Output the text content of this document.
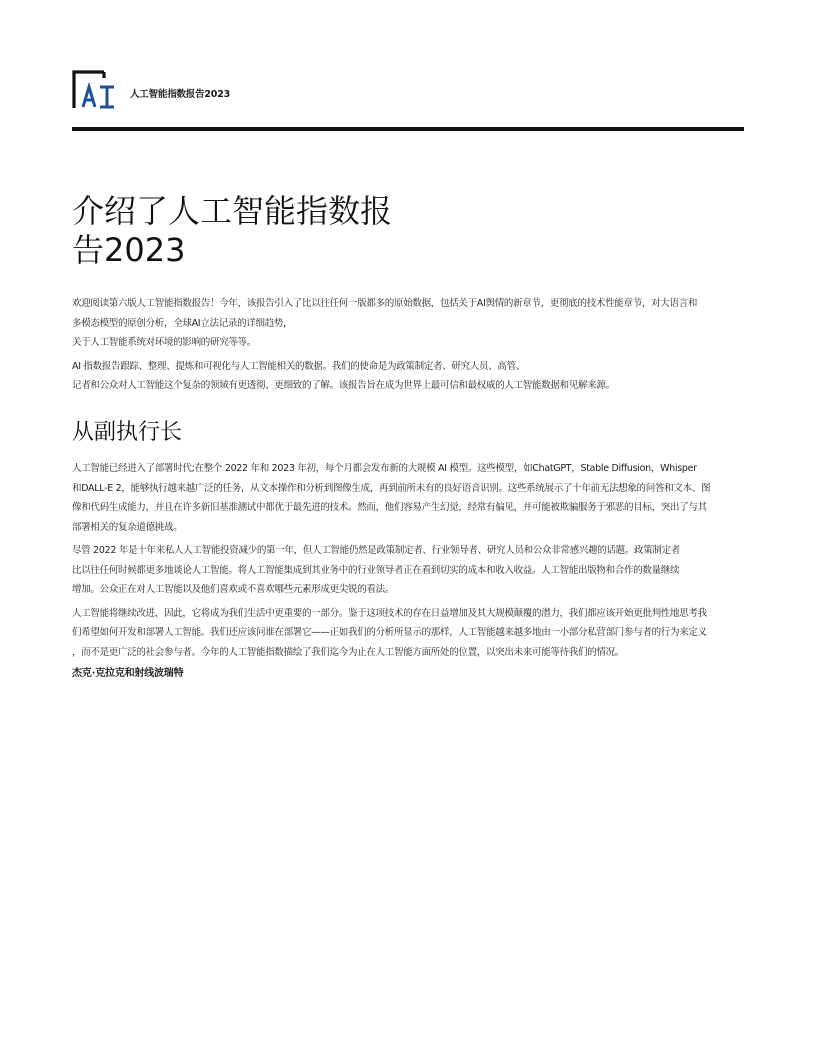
人工智能指数报告2023
介绍了人工智能指数报
告2023

欢迎阅读第六版人工智能指数报告！今年，该报告引入了比以往任何一版都多的原始数据，包括关于AI舆情的新章节，更彻底的技术性能章节，对大语言和

多模态模型的原创分析，全球AI立法记录的详细趋势，

关于人工智能系统对环境的影响的研究等等。

AI 指数报告跟踪、整理、提炼和可视化与人工智能相关的数据。我们的使命是为政策制定者、研究人员、高管、

记者和公众对人工智能这个复杂的领域有更透彻、更细致的了解。该报告旨在成为世界上最可信和最权威的人工智能数据和见解来源。

从副执行长

人工智能已经进入了部署时代;在整个 2022 年和 2023 年初，每个月都会发布新的大规模 AI 模型。这些模型，如ChatGPT，Stable Diffusion，Whisper

和DALL-E 2，能够执行越来越广泛的任务，从文本操作和分析到图像生成，再到前所未有的良好语音识别。这些系统展示了十年前无法想象的问答和文本、图

像和代码生成能力，并且在许多新旧基准测试中都优于最先进的技术。然而，他们容易产生幻觉，经常有偏见，并可能被欺骗服务于邪恶的目标，突出了与其

部署相关的复杂道德挑战。

尽管 2022 年是十年来私人人工智能投资减少的第一年，但人工智能仍然是政策制定者、行业领导者、研究人员和公众非常感兴趣的话题。政策制定者

比以往任何时候都更多地谈论人工智能。将人工智能集成到其业务中的行业领导者正在看到切实的成本和收入收益。人工智能出版物和合作的数量继续

增加。公众正在对人工智能以及他们喜欢或不喜欢哪些元素形成更尖锐的看法。

人工智能将继续改进，因此，它将成为我们生活中更重要的一部分。鉴于这项技术的存在日益增加及其大规模颠覆的潜力，我们都应该开始更批判性地思考我

们希望如何开发和部署人工智能。我们还应该问谁在部署它——正如我们的分析所显示的那样，人工智能越来越多地由一小部分私营部门参与者的行为来定义

，而不是更广泛的社会参与者。今年的人工智能指数描绘了我们迄今为止在人工智能方面所处的位置，以突出未来可能等待我们的情况。

杰克·克拉克和射线波瑞特
